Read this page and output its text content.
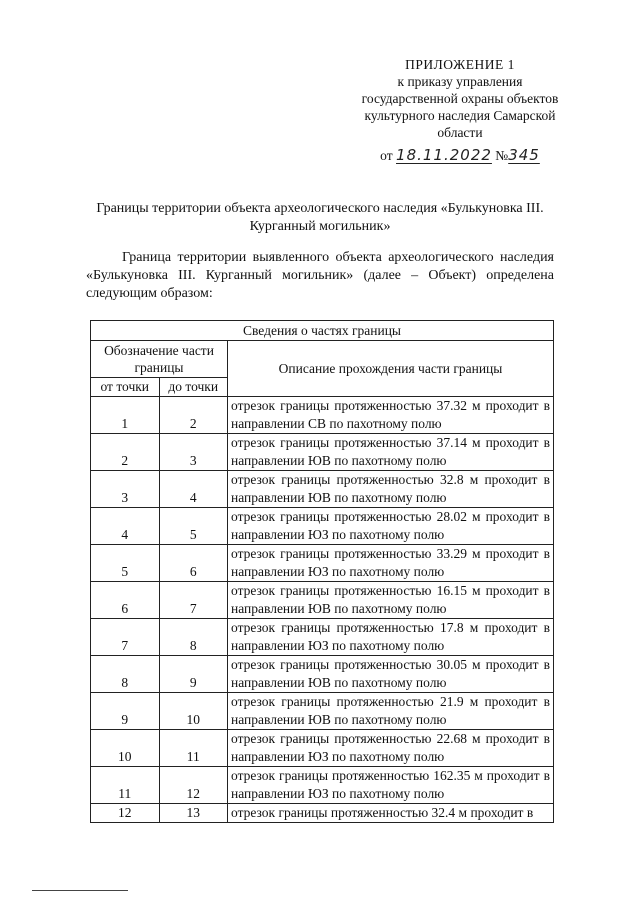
ПРИЛОЖЕНИЕ 1
к приказу управления
государственной охраны объектов
культурного наследия Самарской
области
от 18.11.2022 №345
Границы территории объекта археологического наследия «Булькуновка III.
Курганный могильник»
Граница территории выявленного объекта археологического наследия «Булькуновка III. Курганный могильник» (далее – Объект) определена следующим образом:
Сведения о частях границы		
Обозначение части границы		Описание прохождения части границы
от точки	до точки	
1	2	отрезок границы протяженностью 37.32 м проходит в направлении СВ по пахотному полю
2	3	отрезок границы протяженностью 37.14 м проходит в направлении ЮВ по пахотному полю
3	4	отрезок границы протяженностью 32.8 м проходит в направлении ЮВ по пахотному полю
4	5	отрезок границы протяженностью 28.02 м проходит в направлении ЮЗ по пахотному полю
5	6	отрезок границы протяженностью 33.29 м проходит в направлении ЮЗ по пахотному полю
6	7	отрезок границы протяженностью 16.15 м проходит в направлении ЮВ по пахотному полю
7	8	отрезок границы протяженностью 17.8 м проходит в направлении ЮЗ по пахотному полю
8	9	отрезок границы протяженностью 30.05 м проходит в направлении ЮВ по пахотному полю
9	10	отрезок границы протяженностью 21.9 м проходит в направлении ЮВ по пахотному полю
10	11	отрезок границы протяженностью 22.68 м проходит в направлении ЮЗ по пахотному полю
11	12	отрезок границы протяженностью 162.35 м проходит в направлении ЮЗ по пахотному полю
12	13	отрезок границы протяженностью 32.4 м проходит в
